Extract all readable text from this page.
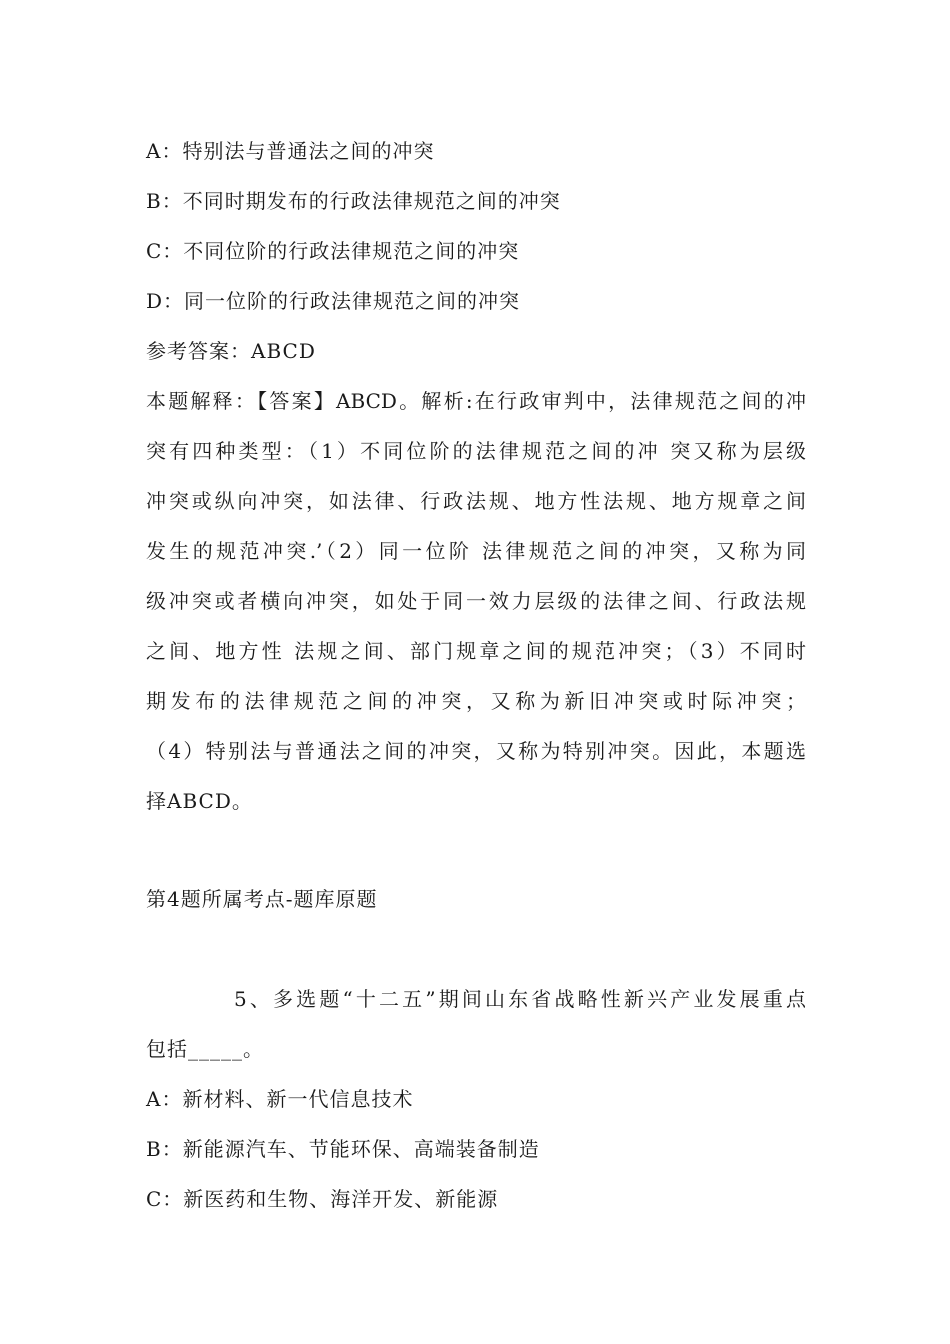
A：特别法与普通法之间的冲突
B：不同时期发布的行政法律规范之间的冲突
C：不同位阶的行政法律规范之间的冲突
D：同一位阶的行政法律规范之间的冲突
参考答案：ABCD
本题解释：【答案】ABCD。解析:在行政审判中，法律规范之间的冲
突有四种类型：（1）不同位阶的法律规范之间的冲 突又称为层级
冲突或纵向冲突，如法律、行政法规、地方性法规、地方规章之间
发生的规范冲突.’（2）同一位阶 法律规范之间的冲突，又称为同
级冲突或者横向冲突，如处于同一效力层级的法律之间、行政法规
之间、地方性 法规之间、部门规章之间的规范冲突；（3）不同时
期发布的法律规范之间的冲突，又称为新旧冲突或时际冲突；
（4）特别法与普通法之间的冲突，又称为特别冲突。因此，本题选
择ABCD。
第4题所属考点-题库原题
5、多选题“十二五”期间山东省战略性新兴产业发展重点
包括_____。
A：新材料、新一代信息技术
B：新能源汽车、节能环保、高端装备制造
C：新医药和生物、海洋开发、新能源
